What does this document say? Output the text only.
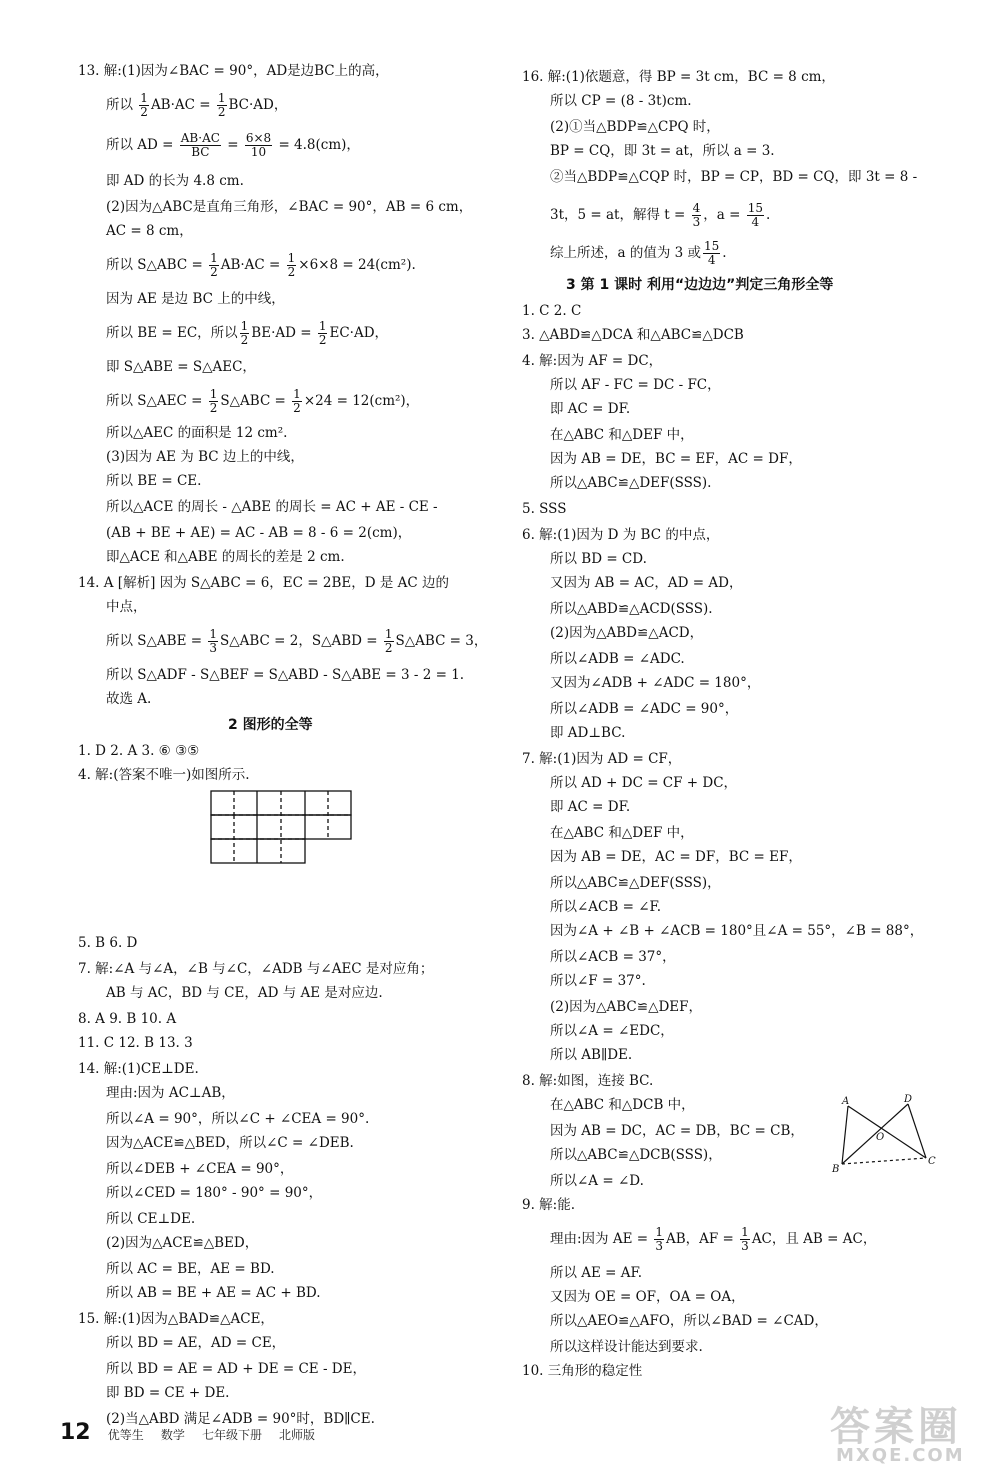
13. 解:(1)因为∠BAC = 90°，AD是边BC上的高，
所以 $\frac{1}{2} AB\cdot AC = \frac{1}{2} BC\cdot AD$，
所以 AD = $\frac{AB\cdot AC}{BC} = \frac{6\times 8}{10} = 4.8(cm)$，
即 AD 的长为 4.8 cm.
(2)因为△ABC是直角三角形，∠BAC = 90°，AB = 6 cm，
AC = 8 cm，
所以 S△ABC = $\frac{1}{2} AB\cdot AC = \frac{1}{2} \times 6\times 8 = 24(cm^2)$.
因为 AE 是边 BC 上的中线，
所以 BE = EC，所以 $\frac{1}{2} BE\cdot AD = \frac{1}{2} EC\cdot AD$，
即 S△ABE = S△AEC，
所以 S△AEC = $\frac{1}{2}$ S△ABC = $\frac{1}{2} \times 24 = 12(cm^2)$，
所以△AEC 的面积是 12 cm².
(3)因为 AE 为 BC 边上的中线，
所以 BE = CE.
所以△ACE 的周长 - △ABE 的周长 = AC + AE - CE -
(AB + BE + AE) = AC - AB = 8 - 6 = 2(cm)，
即△ACE 和△ABE 的周长的差是 2 cm.
14. A [解析] 因为 S△ABC = 6，EC = 2BE，D 是 AC 边的
中点，
所以 S△ABE = $\frac{1}{3}$ S△ABC = 2，S△ABD = $\frac{1}{2}$ S△ABC = 3，
所以 S△ADF - S△BEF = S△ABD - S△ABE = 3 - 2 = 1.
故选 A.
2 图形的全等
1. D 2. A 3. ⑥ ③⑤
4. 解:(答案不唯一)如图所示.
5. B 6. D
7. 解:∠A 与∠A，∠B 与∠C，∠ADB 与∠AEC 是对应角；
AB 与 AC，BD 与 CE，AD 与 AE 是对应边.
8. A 9. B 10. A
11. C 12. B 13. 3
14. 解:(1)CE⊥DE.
理由:因为 AC⊥AB，
所以∠A = 90°，所以∠C + ∠CEA = 90°.
因为△ACE≌△BED，所以∠C = ∠DEB.
所以∠DEB + ∠CEA = 90°，
所以∠CED = 180° - 90° = 90°，
所以 CE⊥DE.
(2)因为△ACE≌△BED，
所以 AC = BE，AE = BD.
所以 AB = BE + AE = AC + BD.
15. 解:(1)因为△BAD≌△ACE，
所以 BD = AE，AD = CE，
所以 BD = AE = AD + DE = CE - DE，
即 BD = CE + DE.
(2)当△ABD 满足∠ADB = 90°时，BD∥CE.
16. 解:(1)依题意，得 BP = 3t cm，BC = 8 cm，
所以 CP = (8 - 3t)cm.
(2)①当△BDP≌△CPQ 时，
BP = CQ，即 3t = at，所以 a = 3.
②当△BDP≌△CQP 时，BP = CP，BD = CQ，即 3t = 8 -
3t，5 = at，解得 $t = \frac{4}{3}$ ，$a = \frac{15}{4}$ .
综上所述，a 的值为 3 或 $\frac{15}{4}$ .
3 第 1 课时 利用“边边边”判定三角形全等
1. C 2. C
3. △ABD≌△DCA 和△ABC≌△DCB
4. 解:因为 AF = DC，
所以 AF - FC = DC - FC，
即 AC = DF.
在△ABC 和△DEF 中，
因为 AB = DE，BC = EF，AC = DF，
所以△ABC≌△DEF(SSS).
5. SSS
6. 解:(1)因为 D 为 BC 的中点，
所以 BD = CD.
又因为 AB = AC，AD = AD，
所以△ABD≌△ACD(SSS).
(2)因为△ABD≌△ACD，
所以∠ADB = ∠ADC.
又因为∠ADB + ∠ADC = 180°，
所以∠ADB = ∠ADC = 90°，
即 AD⊥BC.
7. 解:(1)因为 AD = CF，
所以 AD + DC = CF + DC，
即 AC = DF.
在△ABC 和△DEF 中，
因为 AB = DE，AC = DF，BC = EF，
所以△ABC≌△DEF(SSS)，
所以∠ACB = ∠F.
因为∠A + ∠B + ∠ACB = 180°且∠A = 55°，∠B = 88°，
所以∠ACB = 37°，
所以∠F = 37°.
(2)因为△ABC≌△DEF，
所以∠A = ∠EDC，
所以 AB∥DE.
8. 解:如图，连接 BC.
在△ABC 和△DCB 中，
因为 AB = DC，AC = DB，BC = CB，
所以△ABC≌△DCB(SSS)，
所以∠A = ∠D.
9. 解:能.
理由:因为 AE = $\frac{1}{3}$ AB，AF = $\frac{1}{3}$ AC，且 AB = AC，
所以 AE = AF.
又因为 OE = OF，OA = OA，
所以△AEO≌△AFO，所以∠BAD = ∠CAD，
所以这样设计能达到要求.
10. 三角形的稳定性
A	D
O
B
C
12 优等生 数学 七年级下册 北师版	答案圈
MXQE.COM
